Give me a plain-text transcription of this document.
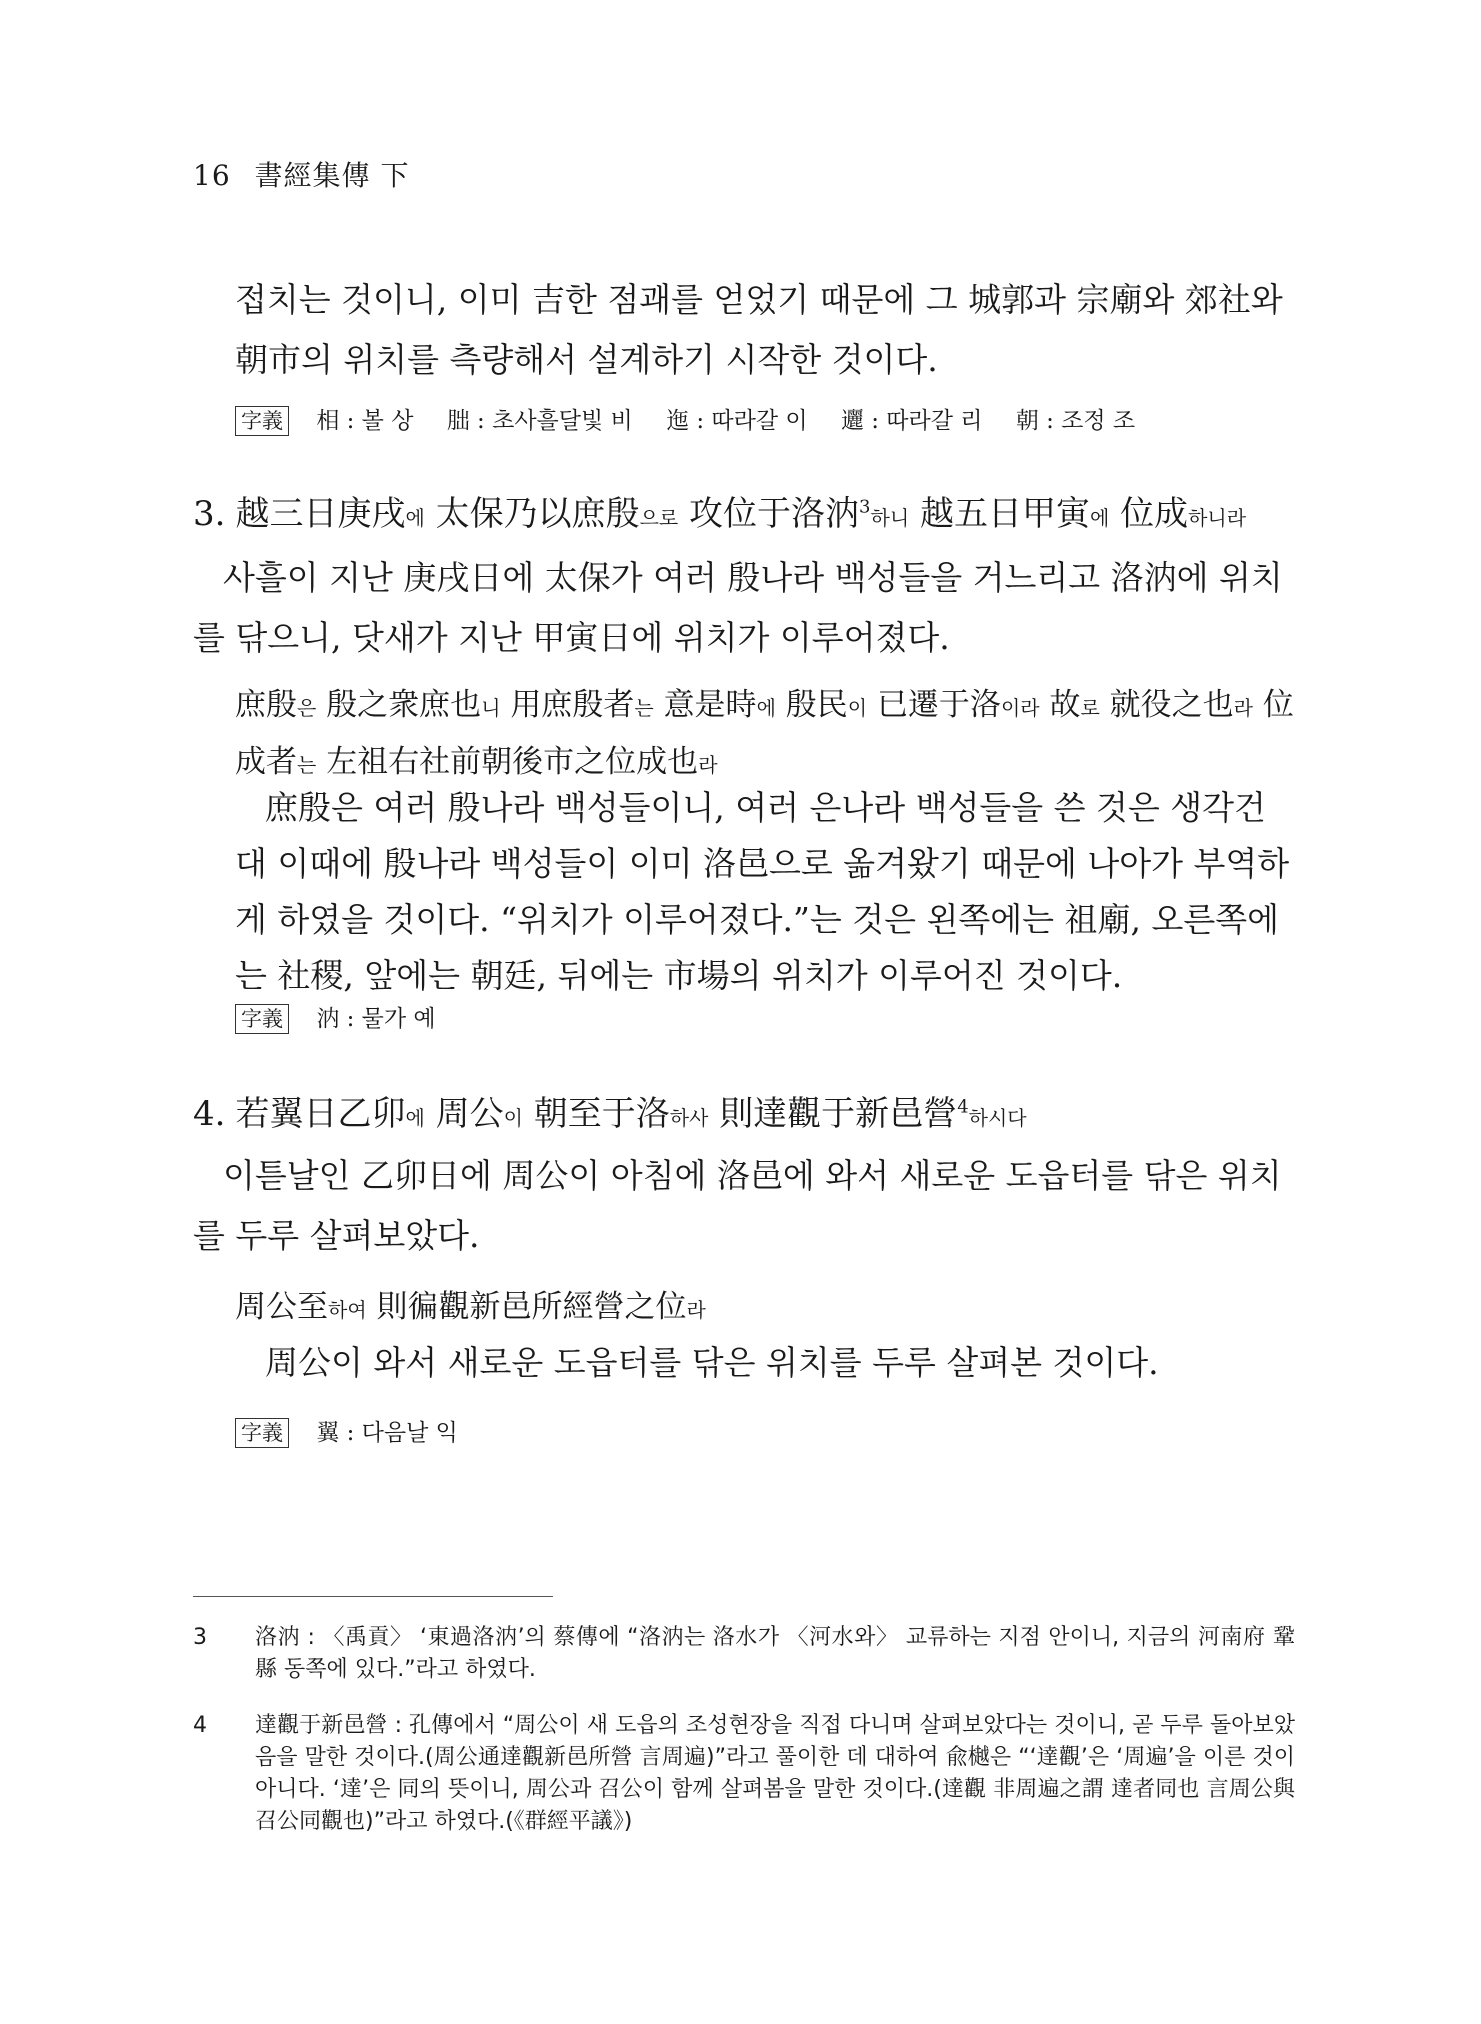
16 書經集傳 下

접치는 것이니, 이미 吉한 점괘를 얻었기 때문에 그 城郭과 宗廟와 郊社와 朝市의 위치를 측량해서 설계하기 시작한 것이다.

字義 相 : 볼 상 朏 : 초사흘달빛 비 迤 : 따라갈 이 邐 : 따라갈 리 朝 : 조정 조

3. 越三日庚戌에 太保乃以庶殷으로 攻位于洛汭$^3$하니 越五日甲寅에 位成하니라

사흘이 지난 庚戌日에 太保가 여러 殷나라 백성들을 거느리고 洛汭에 위치를 닦으니, 닷새가 지난 甲寅日에 위치가 이루어졌다.

庶殷은 殷之衆庶也니 用庶殷者는 意是時에 殷民이 已遷于洛이라 故로 就役之也라 位成者는 左祖右社前朝後市之位成也라

庶殷은 여러 殷나라 백성들이니, 여러 은나라 백성들을 쓴 것은 생각건대 이때에 殷나라 백성들이 이미 洛邑으로 옮겨왔기 때문에 나아가 부역하게 하였을 것이다. “위치가 이루어졌다.”는 것은 왼쪽에는 祖廟, 오른쪽에는 社稷, 앞에는 朝廷, 뒤에는 市場의 위치가 이루어진 것이다.

字義 汭 : 물가 예

4. 若翼日乙卯에 周公이 朝至于洛하사 則達觀于新邑營$^4$하시다

이튿날인 乙卯日에 周公이 아침에 洛邑에 와서 새로운 도읍터를 닦은 위치를 두루 살펴보았다.

周公至하여 則徧觀新邑所經營之位라

周公이 와서 새로운 도읍터를 닦은 위치를 두루 살펴본 것이다.

字義 翼 : 다음날 익
3 洛汭 : 〈禹貢〉 ‘東過洛汭’의 蔡傳에 “洛汭는 洛水가 〈河水와〉 교류하는 지점 안이니, 지금의 河南府 鞏縣 동쪽에 있다.”라고 하였다.
4 達觀于新邑營 : 孔傳에서 “周公이 새 도읍의 조성현장을 직접 다니며 살펴보았다는 것이니, 곧 두루 돌아보았음을 말한 것이다.(周公通達觀新邑所營 言周遍)”라고 풀이한 데 대하여 兪樾은 “‘達觀’은 ‘周遍’을 이른 것이 아니다. ‘達’은 同의 뜻이니, 周公과 召公이 함께 살펴봄을 말한 것이다.(達觀 非周遍之謂 達者同也 言周公與召公同觀也)”라고 하였다.(《群經平議》)
